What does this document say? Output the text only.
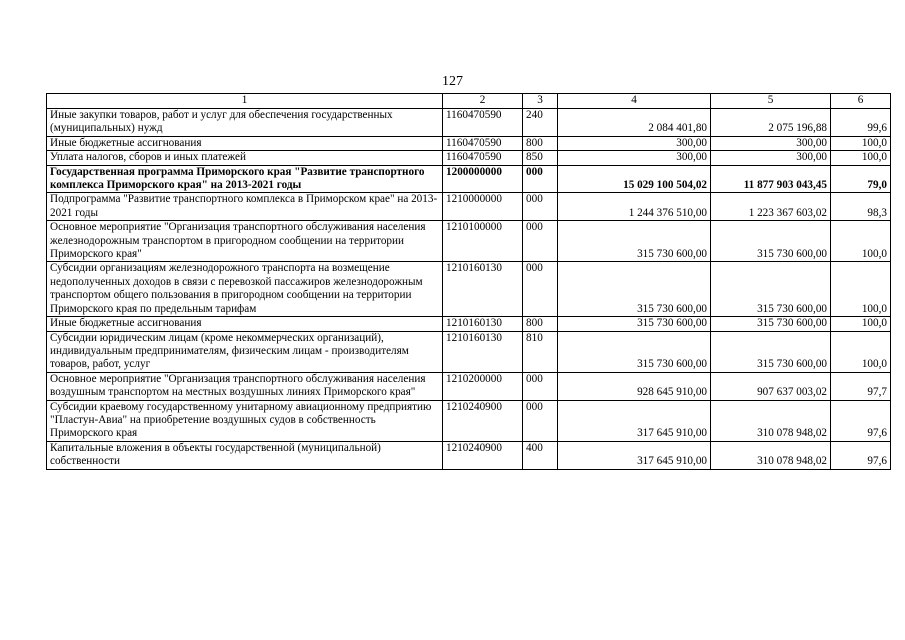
127
1	2	3	4	5	6
Иные закупки товаров, работ и услуг для обеспечения государственных (муниципальных) нужд	1160470590	240	2 084 401,80	2 075 196,88	99,6
Иные бюджетные ассигнования	1160470590	800	300,00	300,00	100,0
Уплата налогов, сборов и иных платежей	1160470590	850	300,00	300,00	100,0
Государственная программа Приморского края "Развитие транспортного комплекса Приморского края" на 2013-2021 годы	1200000000	000	15 029 100 504,02	11 877 903 043,45	79,0
Подпрограмма "Развитие транспортного комплекса в Приморском крае" на 2013-2021 годы	1210000000	000	1 244 376 510,00	1 223 367 603,02	98,3
Основное мероприятие "Организация транспортного обслуживания населения железнодорожным транспортом в пригородном сообщении на территории Приморского края"	1210100000	000	315 730 600,00	315 730 600,00	100,0
Субсидии организациям железнодорожного транспорта на возмещение недополученных доходов в связи с перевозкой пассажиров железнодорожным транспортом общего пользования в пригородном сообщении на территории Приморского края по предельным тарифам	1210160130	000	315 730 600,00	315 730 600,00	100,0
Иные бюджетные ассигнования	1210160130	800	315 730 600,00	315 730 600,00	100,0
Субсидии юридическим лицам (кроме некоммерческих организаций), индивидуальным предпринимателям, физическим лицам - производителям товаров, работ, услуг	1210160130	810	315 730 600,00	315 730 600,00	100,0
Основное мероприятие "Организация транспортного обслуживания населения воздушным транспортом на местных воздушных линиях Приморского края"	1210200000	000	928 645 910,00	907 637 003,02	97,7
Субсидии краевому государственному унитарному авиационному предприятию "Пластун-Авиа" на приобретение воздушных судов в собственность Приморского края	1210240900	000	317 645 910,00	310 078 948,02	97,6
Капитальные вложения в объекты государственной (муниципальной) собственности	1210240900	400	317 645 910,00	310 078 948,02	97,6
